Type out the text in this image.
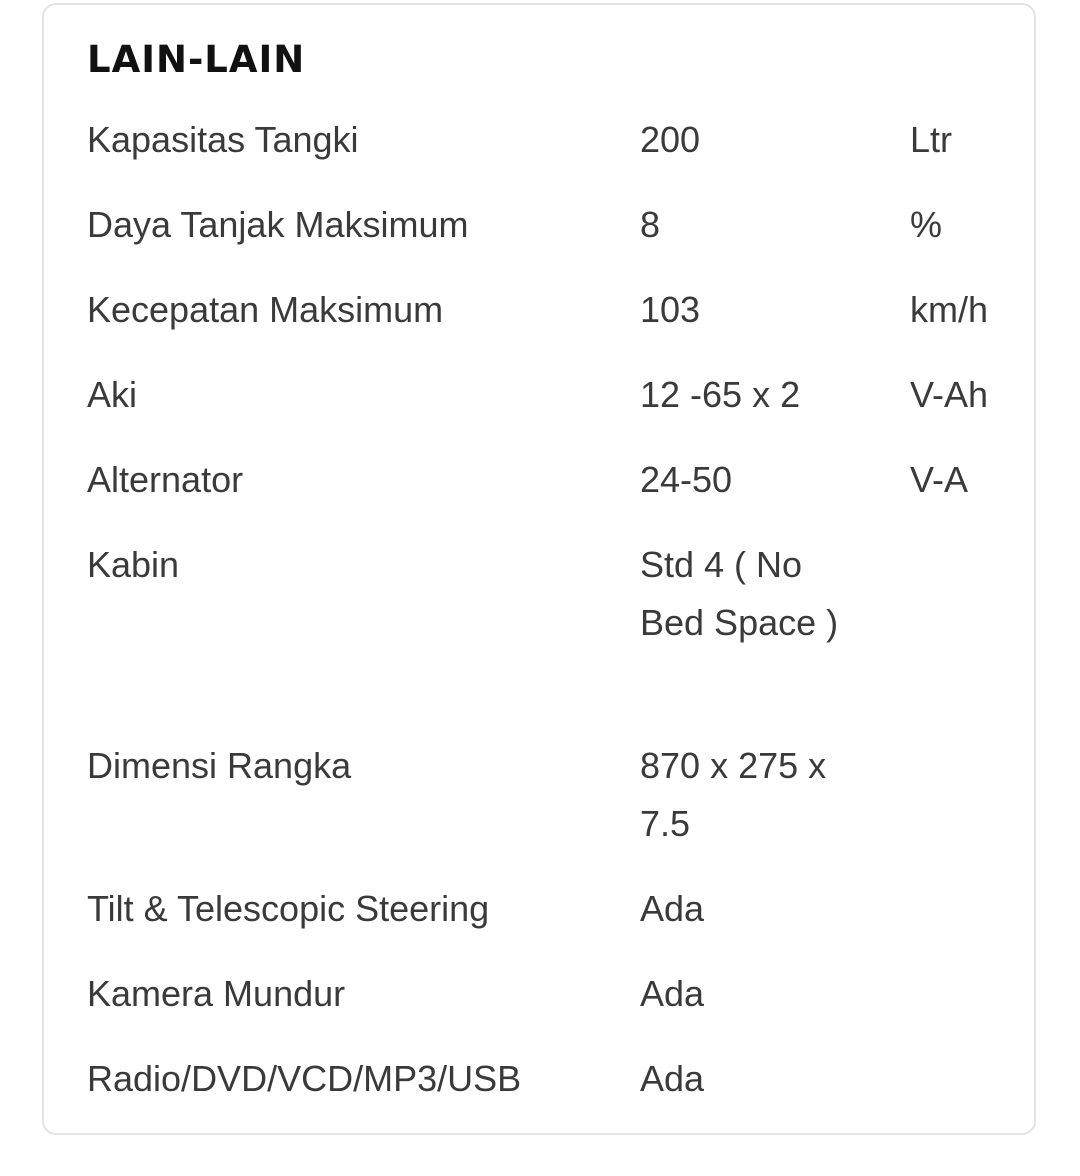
LAIN-LAIN
Kapasitas Tangki	200	Ltr
Daya Tanjak Maksimum	8	%
Kecepatan Maksimum	103	km/h
Aki	12 -65 x 2	V-Ah
Alternator	24-50	V-A
Kabin	Std 4 ( No Bed Space )
Dimensi Rangka	870 x 275 x 7.5
Tilt & Telescopic Steering	Ada
Kamera Mundur	Ada
Radio/DVD/VCD/MP3/USB	Ada
